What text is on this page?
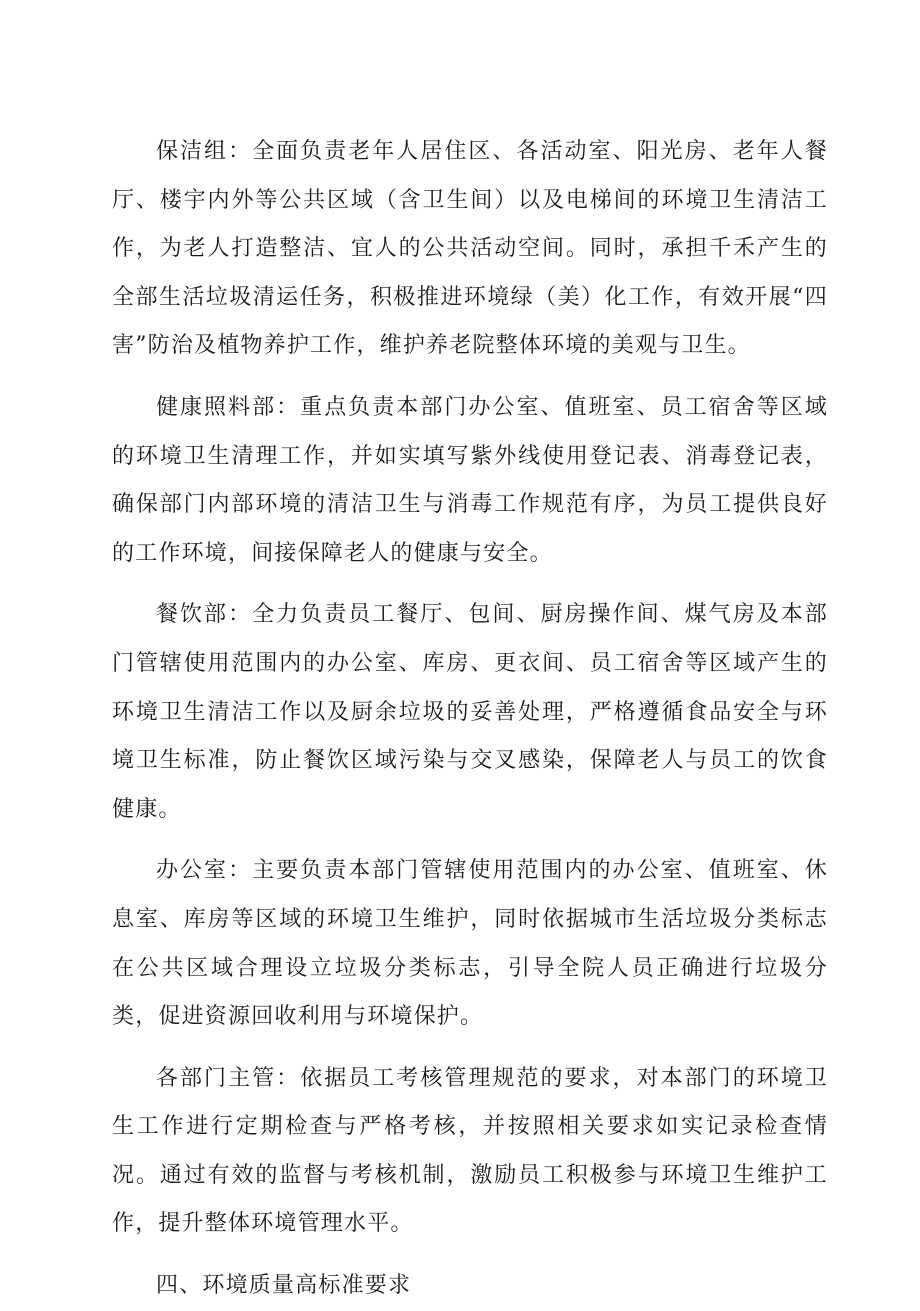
保洁组：全面负责老年人居住区、各活动室、阳光房、老年人餐厅、楼宇内外等公共区域（含卫生间）以及电梯间的环境卫生清洁工作，为老人打造整洁、宜人的公共活动空间。同时，承担千禾产生的全部生活垃圾清运任务，积极推进环境绿（美）化工作，有效开展“四害”防治及植物养护工作，维护养老院整体环境的美观与卫生。

健康照料部：重点负责本部门办公室、值班室、员工宿舍等区域的环境卫生清理工作，并如实填写紫外线使用登记表、消毒登记表，确保部门内部环境的清洁卫生与消毒工作规范有序，为员工提供良好的工作环境，间接保障老人的健康与安全。

餐饮部：全力负责员工餐厅、包间、厨房操作间、煤气房及本部门管辖使用范围内的办公室、库房、更衣间、员工宿舍等区域产生的环境卫生清洁工作以及厨余垃圾的妥善处理，严格遵循食品安全与环境卫生标准，防止餐饮区域污染与交叉感染，保障老人与员工的饮食健康。

办公室：主要负责本部门管辖使用范围内的办公室、值班室、休息室、库房等区域的环境卫生维护，同时依据城市生活垃圾分类标志在公共区域合理设立垃圾分类标志，引导全院人员正确进行垃圾分类，促进资源回收利用与环境保护。

各部门主管：依据员工考核管理规范的要求，对本部门的环境卫生工作进行定期检查与严格考核，并按照相关要求如实记录检查情况。通过有效的监督与考核机制，激励员工积极参与环境卫生维护工作，提升整体环境管理水平。

四、环境质量高标准要求
